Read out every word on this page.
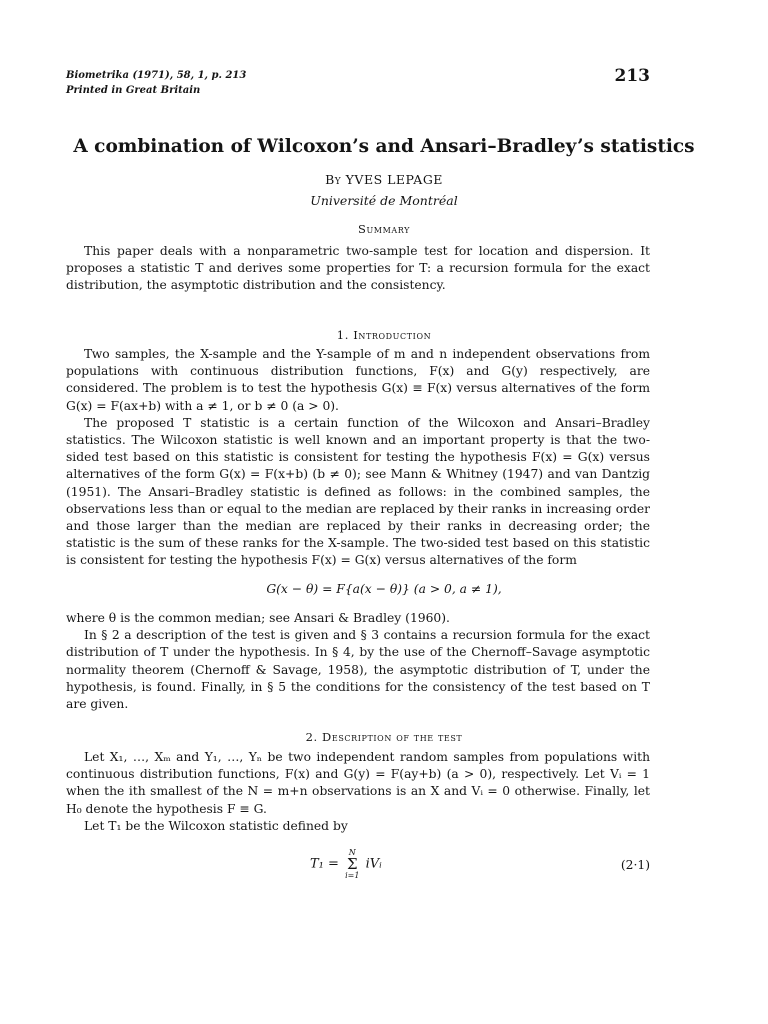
Biometrika (1971), 58, 1, p. 213
Printed in Great Britain
213
A combination of Wilcoxon’s and Ansari–Bradley’s statistics
By YVES LEPAGE
Université de Montréal
Summary

This paper deals with a nonparametric two-sample test for location and dispersion. It proposes a statistic T and derives some properties for T: a recursion formula for the exact distribution, the asymptotic distribution and the consistency.

1. Introduction

Two samples, the X-sample and the Y-sample of m and n independent observations from populations with continuous distribution functions, F(x) and G(y) respectively, are considered. The problem is to test the hypothesis G(x) ≡ F(x) versus alternatives of the form G(x) = F(ax+b) with a ≠ 1, or b ≠ 0 (a > 0).

The proposed T statistic is a certain function of the Wilcoxon and Ansari–Bradley statistics. The Wilcoxon statistic is well known and an important property is that the two-sided test based on this statistic is consistent for testing the hypothesis F(x) = G(x) versus alternatives of the form G(x) = F(x+b) (b ≠ 0); see Mann & Whitney (1947) and van Dantzig (1951). The Ansari–Bradley statistic is defined as follows: in the combined samples, the observations less than or equal to the median are replaced by their ranks in increasing order and those larger than the median are replaced by their ranks in decreasing order; the statistic is the sum of these ranks for the X-sample. The two-sided test based on this statistic is consistent for testing the hypothesis F(x) = G(x) versus alternatives of the form

G(x − θ) = F{a(x − θ)} (a > 0, a ≠ 1),

where θ is the common median; see Ansari & Bradley (1960).

In § 2 a description of the test is given and § 3 contains a recursion formula for the exact distribution of T under the hypothesis. In § 4, by the use of the Chernoff–Savage asymptotic normality theorem (Chernoff & Savage, 1958), the asymptotic distribution of T, under the hypothesis, is found. Finally, in § 5 the conditions for the consistency of the test based on T are given.

2. Description of the test

Let X₁, …, Xₘ and Y₁, …, Yₙ be two independent random samples from populations with continuous distribution functions, F(x) and G(y) = F(ay+b) (a > 0), respectively. Let Vᵢ = 1 when the ith smallest of the N = m+n observations is an X and Vᵢ = 0 otherwise. Finally, let H₀ denote the hypothesis F ≡ G.

Let T₁ be the Wilcoxon statistic defined by

T₁ =
N
Σ
i=1
iVᵢ	(2·1)
